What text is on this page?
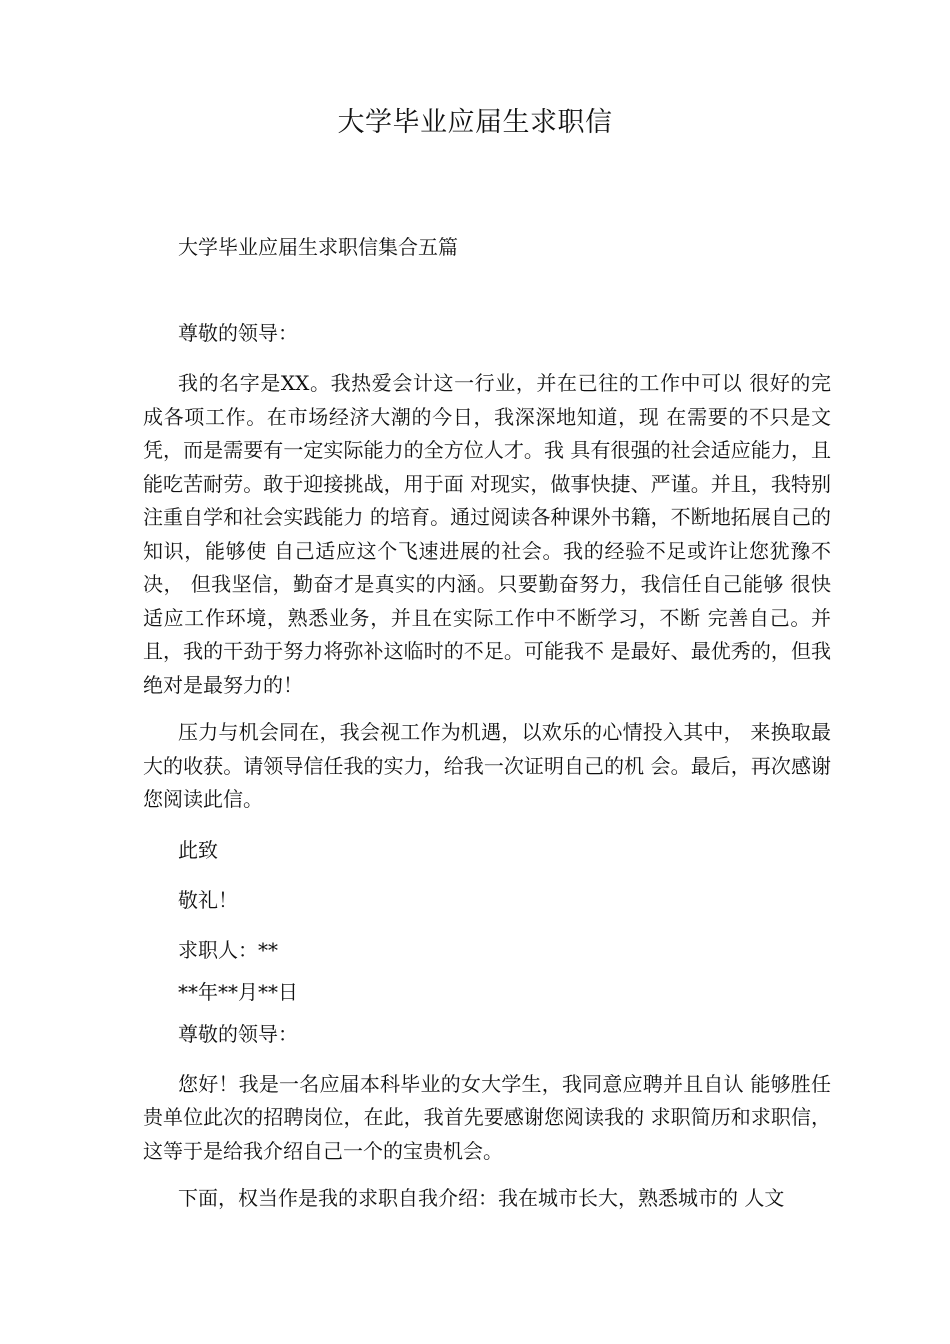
大学毕业应届生求职信

大学毕业应届生求职信集合五篇

尊敬的领导：

我的名字是XX。我热爱会计这一行业，并在已往的工作中可以 很好的完成各项工作。在市场经济大潮的今日，我深深地知道，现 在需要的不只是文凭，而是需要有一定实际能力的全方位人才。我 具有很强的社会适应能力，且能吃苦耐劳。敢于迎接挑战，用于面 对现实，做事快捷、严谨。并且，我特别注重自学和社会实践能力 的培育。通过阅读各种课外书籍，不断地拓展自己的知识，能够使 自己适应这个飞速进展的社会。我的经验不足或许让您犹豫不决， 但我坚信，勤奋才是真实的内涵。只要勤奋努力，我信任自己能够 很快适应工作环境，熟悉业务，并且在实际工作中不断学习，不断 完善自己。并且，我的干劲于努力将弥补这临时的不足。可能我不 是最好、最优秀的，但我绝对是最努力的！

压力与机会同在，我会视工作为机遇，以欢乐的心情投入其中， 来换取最大的收获。请领导信任我的实力，给我一次证明自己的机 会。最后，再次感谢您阅读此信。

此致

敬礼！

求职人：**

**年**月**日

尊敬的领导：

您好！我是一名应届本科毕业的女大学生，我同意应聘并且自认 能够胜任贵单位此次的招聘岗位，在此，我首先要感谢您阅读我的 求职简历和求职信，这等于是给我介绍自己一个的宝贵机会。

下面，权当作是我的求职自我介绍：我在城市长大，熟悉城市的 人文
